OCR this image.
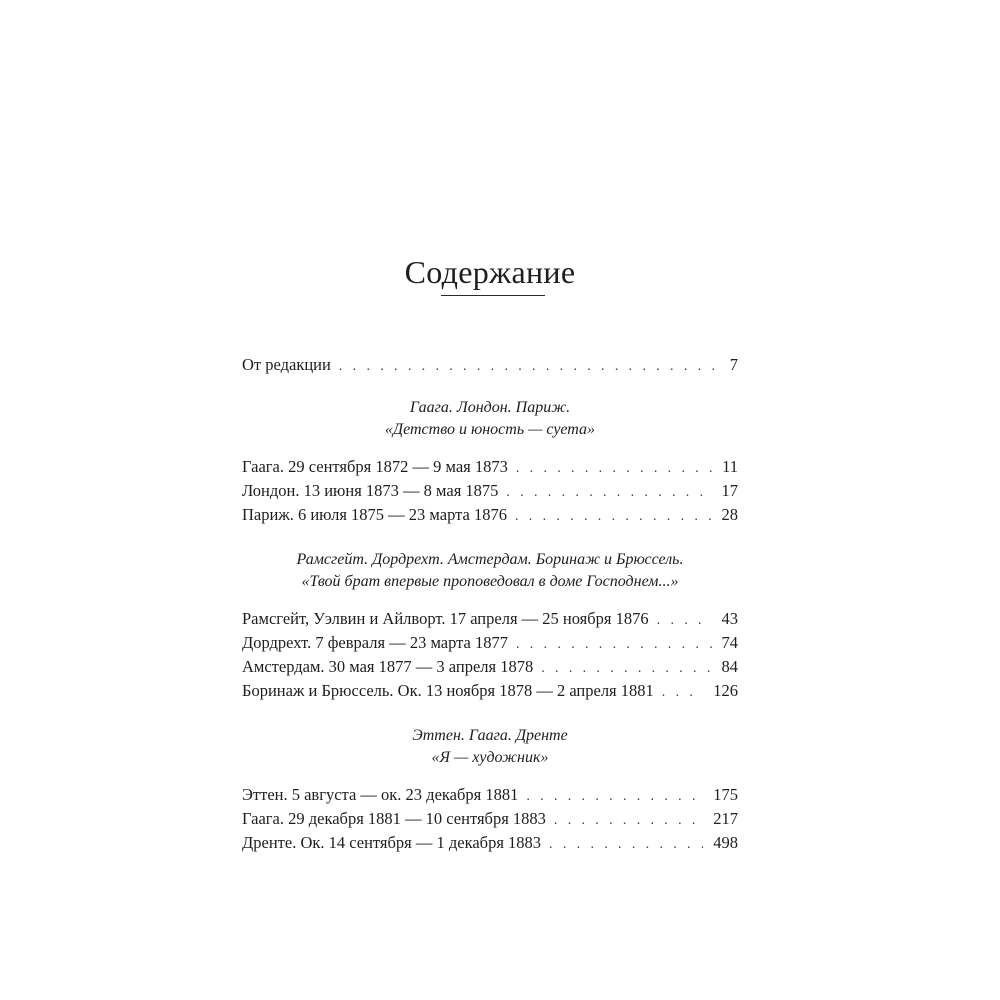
Содержание
От редакции . . .	7
Гаага. Лондон. Париж.
«Детство и юность — суета»
Гаага. 29 сентября 1872 — 9 мая 1873 . . .	11
Лондон. 13 июня 1873 — 8 мая 1875 . . .	17
Париж. 6 июля 1875 — 23 марта 1876 . . .	28
Рамсгейт. Дордрехт. Амстердам. Боринаж и Брюссель.
«Твой брат впервые проповедовал в доме Господнем...»
Рамсгейт, Уэлвин и Айлворт. 17 апреля — 25 ноября 1876 . . .	43
Дордрехт. 7 февраля — 23 марта 1877 . . .	74
Амстердам. 30 мая 1877 — 3 апреля 1878 . . .	84
Боринаж и Брюссель. Ок. 13 ноября 1878 — 2 апреля 1881 . . .	126
Эттен. Гаага. Дренте
«Я — художник»
Эттен. 5 августа — ок. 23 декабря 1881 . . .	175
Гаага. 29 декабря 1881 — 10 сентября 1883 . . .	217
Дренте. Ок. 14 сентября — 1 декабря 1883 . . .	498
